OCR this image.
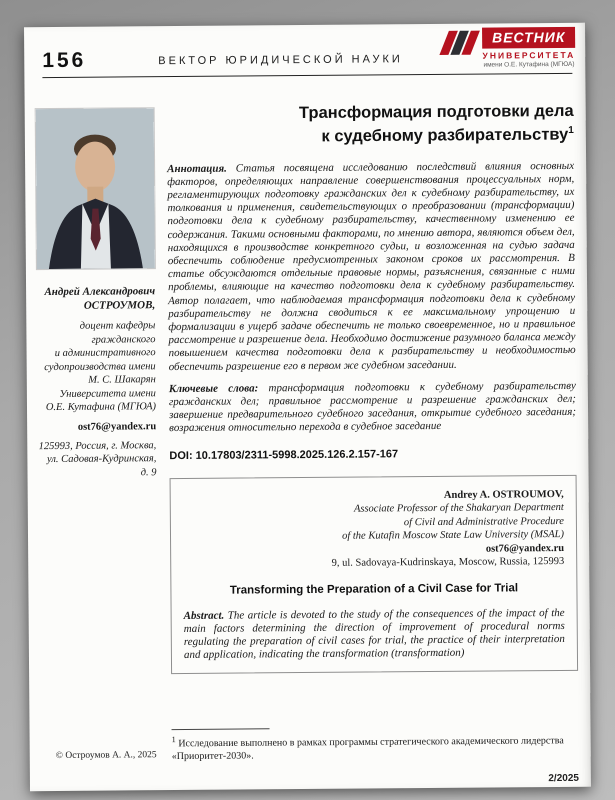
156	ВЕКТОР ЮРИДИЧЕСКОЙ НАУКИ
ВЕСТНИК
УНИВЕРСИТЕТА
имени О.Е. Кутафина (МГЮА)
Андрей Александрович
ОСТРОУМОВ,
доцент кафедры
гражданского
и административного
судопроизводства имени
М. С. Шакарян
Университета имени
О.Е. Кутафина (МГЮА)
ost76@yandex.ru
125993, Россия, г. Москва,
ул. Садовая-Кудринская, д. 9
Трансформация подготовки дела
к судебному разбирательству$^1$

Аннотация. Статья посвящена исследованию последствий влияния основных факторов, определяющих направление совершенствования процессуальных норм, регламентирующих подготовку гражданских дел к судебному разбирательству, их толкования и применения, свидетельствующих о преобразовании (трансформации) подготовки дела к судебному разбирательству, качественному изменению ее содержания. Такими основными факторами, по мнению автора, являются объем дел, находящихся в производстве конкретного судьи, и возложенная на судью задача обеспечить соблюдение предусмотренных законом сроков их рассмотрения. В статье обсуждаются отдельные правовые нормы, разъяснения, связанные с ними проблемы, влияющие на качество подготовки дела к судебному разбирательству. Автор полагает, что наблюдаемая трансформация подготовки дела к судебному разбирательству не должна сводиться к ее максимальному упрощению и формализации в ущерб задаче обеспечить не только своевременное, но и правильное рассмотрение и разрешение дела. Необходимо достижение разумного баланса между повышением качества подготовки дела к разбирательству и необходимостью обеспечить разрешение его в первом же судебном заседании.

Ключевые слова: трансформация подготовки к судебному разбирательству гражданских дел; правильное рассмотрение и разрешение гражданских дел; завершение предварительного судебного заседания, открытие судебного заседания; возражения относительно перехода в судебное заседание

DOI: 10.17803/2311-5998.2025.126.2.157-167
Andrey A. OSTROUMOV,
Associate Professor of the Shakaryan Department
of Civil and Administrative Procedure
of the Kutafin Moscow State Law University (MSAL)
ost76@yandex.ru
9, ul. Sadovaya-Kudrinskaya, Moscow, Russia, 125993
Transforming the Preparation of a Civil Case for Trial

Abstract. The article is devoted to the study of the consequences of the impact of the main factors determining the direction of improvement of procedural norms regulating the preparation of civil cases for trial, the practice of their interpretation and application, indicating the transformation (transformation)

$^1$ Исследование выполнено в рамках программы стратегического академического лидерства «Приоритет-2030».

© Остроумов А. А., 2025
2/2025
